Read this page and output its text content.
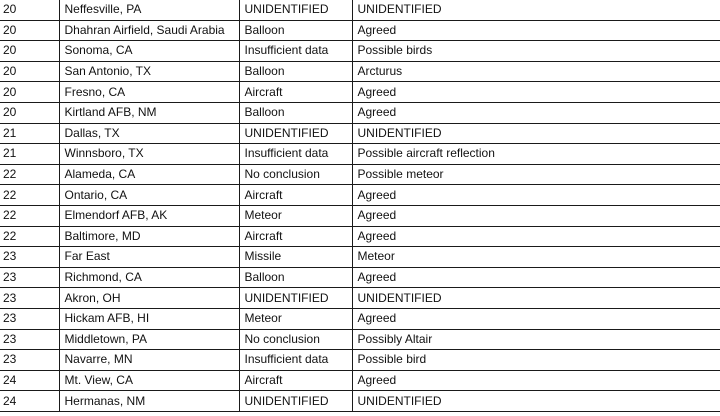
20	Neffesville, PA	UNIDENTIFIED	UNIDENTIFIED
20	Dhahran Airfield, Saudi Arabia	Balloon	Agreed
20	Sonoma, CA	Insufficient data	Possible birds
20	San Antonio, TX	Balloon	Arcturus
20	Fresno, CA	Aircraft	Agreed
20	Kirtland AFB, NM	Balloon	Agreed
21	Dallas, TX	UNIDENTIFIED	UNIDENTIFIED
21	Winnsboro, TX	Insufficient data	Possible aircraft reflection
22	Alameda, CA	No conclusion	Possible meteor
22	Ontario, CA	Aircraft	Agreed
22	Elmendorf AFB, AK	Meteor	Agreed
22	Baltimore, MD	Aircraft	Agreed
23	Far East	Missile	Meteor
23	Richmond, CA	Balloon	Agreed
23	Akron, OH	UNIDENTIFIED	UNIDENTIFIED
23	Hickam AFB, HI	Meteor	Agreed
23	Middletown, PA	No conclusion	Possibly Altair
23	Navarre, MN	Insufficient data	Possible bird
24	Mt. View, CA	Aircraft	Agreed
24	Hermanas, NM	UNIDENTIFIED	UNIDENTIFIED
